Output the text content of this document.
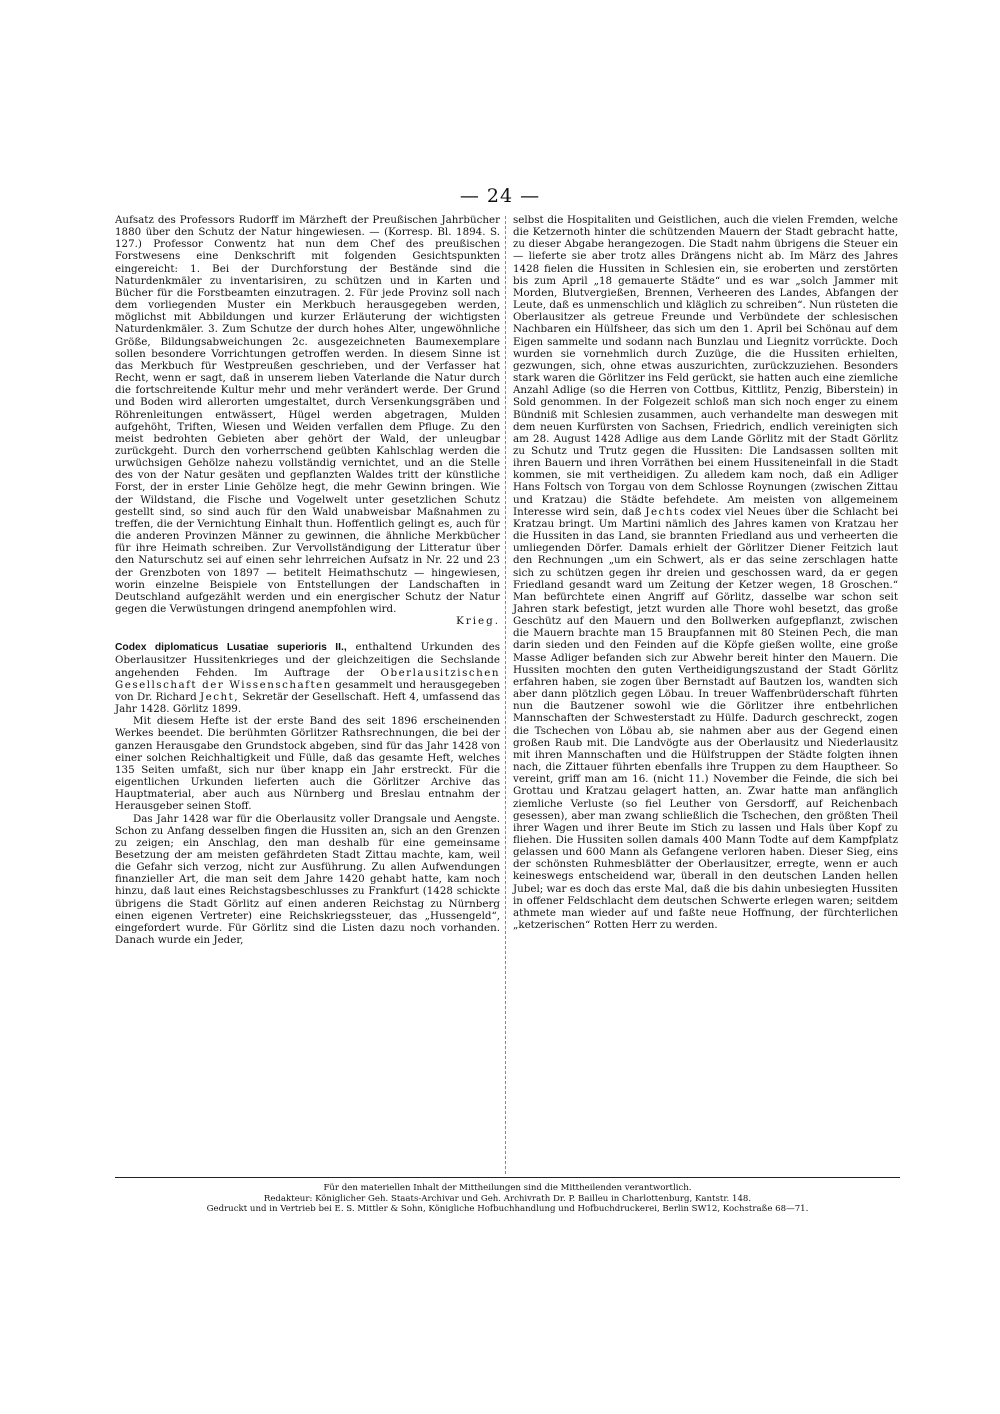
— 24 —

Aufsatz des Professors Rudorff im Märzheft der Preußischen Jahrbücher 1880 über den Schutz der Natur hingewiesen. — (Korresp. Bl. 1894. S. 127.) Professor Conwentz hat nun dem Chef des preußischen Forstwesens eine Denkschrift mit folgenden Gesichtspunkten eingereicht: 1. Bei der Durchforstung der Bestände sind die Naturdenkmäler zu inventarisiren, zu schützen und in Karten und Bücher für die Forstbeamten einzutragen. 2. Für jede Provinz soll nach dem vorliegenden Muster ein Merkbuch herausgegeben werden, möglichst mit Abbildungen und kurzer Erläuterung der wichtigsten Naturdenkmäler. 3. Zum Schutze der durch hohes Alter, ungewöhnliche Größe, Bildungsabweichungen 2c. ausgezeichneten Baumexemplare sollen besondere Vorrichtungen getroffen werden. In diesem Sinne ist das Merkbuch für Westpreußen geschrieben, und der Verfasser hat Recht, wenn er sagt, daß in unserem lieben Vaterlande die Natur durch die fortschreitende Kultur mehr und mehr verändert werde. Der Grund und Boden wird allerorten umgestaltet, durch Versenkungsgräben und Röhrenleitungen entwässert, Hügel werden abgetragen, Mulden aufgehöht, Triften, Wiesen und Weiden verfallen dem Pfluge. Zu den meist bedrohten Gebieten aber gehört der Wald, der unleugbar zurückgeht. Durch den vorherrschend geübten Kahlschlag werden die urwüchsigen Gehölze nahezu vollständig vernichtet, und an die Stelle des von der Natur gesäten und gepflanzten Waldes tritt der künstliche Forst, der in erster Linie Gehölze hegt, die mehr Gewinn bringen. Wie der Wildstand, die Fische und Vogelwelt unter gesetzlichen Schutz gestellt sind, so sind auch für den Wald unabweisbar Maßnahmen zu treffen, die der Vernichtung Einhalt thun. Hoffentlich gelingt es, auch für die anderen Provinzen Männer zu gewinnen, die ähnliche Merkbücher für ihre Heimath schreiben. Zur Vervollständigung der Litteratur über den Naturschutz sei auf einen sehr lehrreichen Aufsatz in Nr. 22 und 23 der Grenzboten von 1897 — betitelt Heimathschutz — hingewiesen, worin einzelne Beispiele von Entstellungen der Landschaften in Deutschland aufgezählt werden und ein energischer Schutz der Natur gegen die Verwüstungen dringend anempfohlen wird.

Krieg.

Codex diplomaticus Lusatiae superioris II., enthaltend Urkunden des Oberlausitzer Hussitenkrieges und der gleichzeitigen die Sechslande angehenden Fehden. Im Auftrage der Oberlausitzischen Gesellschaft der Wissenschaften gesammelt und herausgegeben von Dr. Richard Jecht, Sekretär der Gesellschaft. Heft 4, umfassend das Jahr 1428. Görlitz 1899.

Mit diesem Hefte ist der erste Band des seit 1896 erscheinenden Werkes beendet. Die berühmten Görlitzer Rathsrechnungen, die bei der ganzen Herausgabe den Grundstock abgeben, sind für das Jahr 1428 von einer solchen Reichhaltigkeit und Fülle, daß das gesamte Heft, welches 135 Seiten umfaßt, sich nur über knapp ein Jahr erstreckt. Für die eigentlichen Urkunden lieferten auch die Görlitzer Archive das Hauptmaterial, aber auch aus Nürnberg und Breslau entnahm der Herausgeber seinen Stoff.

Das Jahr 1428 war für die Oberlausitz voller Drangsale und Aengste. Schon zu Anfang desselben fingen die Hussiten an, sich an den Grenzen zu zeigen; ein Anschlag, den man deshalb für eine gemeinsame Besetzung der am meisten gefährdeten Stadt Zittau machte, kam, weil die Gefahr sich verzog, nicht zur Ausführung. Zu allen Aufwendungen finanzieller Art, die man seit dem Jahre 1420 gehabt hatte, kam noch hinzu, daß laut eines Reichstagsbeschlusses zu Frankfurt (1428 schickte übrigens die Stadt Görlitz auf einen anderen Reichstag zu Nürnberg einen eigenen Vertreter) eine Reichskriegssteuer, das „Hussengeld“, eingefordert wurde. Für Görlitz sind die Listen dazu noch vorhanden. Danach wurde ein Jeder,

selbst die Hospitaliten und Geistlichen, auch die vielen Fremden, welche die Ketzernoth hinter die schützenden Mauern der Stadt gebracht hatte, zu dieser Abgabe herangezogen. Die Stadt nahm übrigens die Steuer ein — lieferte sie aber trotz alles Drängens nicht ab. Im März des Jahres 1428 fielen die Hussiten in Schlesien ein, sie eroberten und zerstörten bis zum April „18 gemauerte Städte“ und es war „solch Jammer mit Morden, Blutvergießen, Brennen, Verheeren des Landes, Abfangen der Leute, daß es unmenschlich und kläglich zu schreiben“. Nun rüsteten die Oberlausitzer als getreue Freunde und Verbündete der schlesischen Nachbaren ein Hülfsheer, das sich um den 1. April bei Schönau auf dem Eigen sammelte und sodann nach Bunzlau und Liegnitz vorrückte. Doch wurden sie vornehmlich durch Zuzüge, die die Hussiten erhielten, gezwungen, sich, ohne etwas auszurichten, zurückzuziehen. Besonders stark waren die Görlitzer ins Feld gerückt, sie hatten auch eine ziemliche Anzahl Adlige (so die Herren von Cottbus, Kittlitz, Penzig, Biberstein) in Sold genommen. In der Folgezeit schloß man sich noch enger zu einem Bündniß mit Schlesien zusammen, auch verhandelte man deswegen mit dem neuen Kurfürsten von Sachsen, Friedrich, endlich vereinigten sich am 28. August 1428 Adlige aus dem Lande Görlitz mit der Stadt Görlitz zu Schutz und Trutz gegen die Hussiten: Die Landsassen sollten mit ihren Bauern und ihren Vorräthen bei einem Hussiteneinfall in die Stadt kommen, sie mit vertheidigen. Zu alledem kam noch, daß ein Adliger Hans Foltsch von Torgau von dem Schlosse Roynungen (zwischen Zittau und Kratzau) die Städte befehdete. Am meisten von allgemeinem Interesse wird sein, daß Jechts codex viel Neues über die Schlacht bei Kratzau bringt. Um Martini nämlich des Jahres kamen von Kratzau her die Hussiten in das Land, sie brannten Friedland aus und verheerten die umliegenden Dörfer. Damals erhielt der Görlitzer Diener Feitzich laut den Rechnungen „um ein Schwert, als er das seine zerschlagen hatte sich zu schützen gegen ihr dreien und geschossen ward, da er gegen Friedland gesandt ward um Zeitung der Ketzer wegen, 18 Groschen.“ Man befürchtete einen Angriff auf Görlitz, dasselbe war schon seit Jahren stark befestigt, jetzt wurden alle Thore wohl besetzt, das große Geschütz auf den Mauern und den Bollwerken aufgepflanzt, zwischen die Mauern brachte man 15 Braupfannen mit 80 Steinen Pech, die man darin sieden und den Feinden auf die Köpfe gießen wollte, eine große Masse Adliger befanden sich zur Abwehr bereit hinter den Mauern. Die Hussiten mochten den guten Vertheidigungszustand der Stadt Görlitz erfahren haben, sie zogen über Bernstadt auf Bautzen los, wandten sich aber dann plötzlich gegen Löbau. In treuer Waffenbrüderschaft führten nun die Bautzener sowohl wie die Görlitzer ihre entbehrlichen Mannschaften der Schwesterstadt zu Hülfe. Dadurch geschreckt, zogen die Tschechen von Löbau ab, sie nahmen aber aus der Gegend einen großen Raub mit. Die Landvögte aus der Oberlausitz und Niederlausitz mit ihren Mannschaften und die Hülfstruppen der Städte folgten ihnen nach, die Zittauer führten ebenfalls ihre Truppen zu dem Hauptheer. So vereint, griff man am 16. (nicht 11.) November die Feinde, die sich bei Grottau und Kratzau gelagert hatten, an. Zwar hatte man anfänglich ziemliche Verluste (so fiel Leuther von Gersdorff, auf Reichenbach gesessen), aber man zwang schließlich die Tschechen, den größten Theil ihrer Wagen und ihrer Beute im Stich zu lassen und Hals über Kopf zu fliehen. Die Hussiten sollen damals 400 Mann Todte auf dem Kampfplatz gelassen und 600 Mann als Gefangene verloren haben. Dieser Sieg, eins der schönsten Ruhmesblätter der Oberlausitzer, erregte, wenn er auch keineswegs entscheidend war, überall in den deutschen Landen hellen Jubel; war es doch das erste Mal, daß die bis dahin unbesiegten Hussiten in offener Feldschlacht dem deutschen Schwerte erlegen waren; seitdem athmete man wieder auf und faßte neue Hoffnung, der fürchterlichen „ketzerischen“ Rotten Herr zu werden.

Für den materiellen Inhalt der Mittheilungen sind die Mittheilenden verantwortlich.
Redakteur: Königlicher Geh. Staats-Archivar und Geh. Archivrath Dr. P. Bailleu in Charlottenburg, Kantstr. 148.
Gedruckt und in Vertrieb bei E. S. Mittler & Sohn, Königliche Hofbuchhandlung und Hofbuchdruckerei, Berlin SW12, Kochstraße 68—71.
